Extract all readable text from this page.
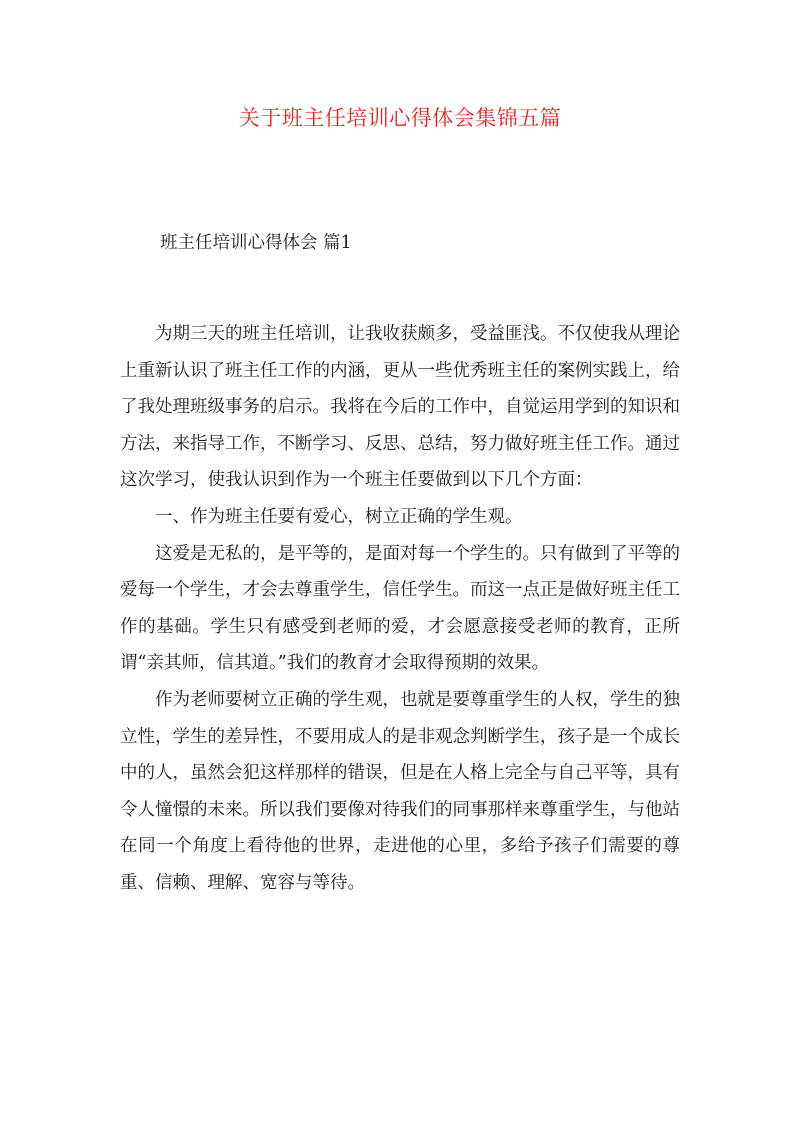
关于班主任培训心得体会集锦五篇
班主任培训心得体会 篇1

为期三天的班主任培训，让我收获颇多，受益匪浅。不仅使我从理论上重新认识了班主任工作的内涵，更从一些优秀班主任的案例实践上，给了我处理班级事务的启示。我将在今后的工作中，自觉运用学到的知识和方法，来指导工作，不断学习、反思、总结，努力做好班主任工作。通过这次学习，使我认识到作为一个班主任要做到以下几个方面：

一、作为班主任要有爱心，树立正确的学生观。

这爱是无私的，是平等的，是面对每一个学生的。只有做到了平等的爱每一个学生，才会去尊重学生，信任学生。而这一点正是做好班主任工作的基础。学生只有感受到老师的爱，才会愿意接受老师的教育，正所谓“亲其师，信其道。”我们的教育才会取得预期的效果。

作为老师要树立正确的学生观，也就是要尊重学生的人权，学生的独立性，学生的差异性，不要用成人的是非观念判断学生，孩子是一个成长中的人，虽然会犯这样那样的错误，但是在人格上完全与自己平等，具有令人憧憬的未来。所以我们要像对待我们的同事那样来尊重学生，与他站在同一个角度上看待他的世界，走进他的心里，多给予孩子们需要的尊重、信赖、理解、宽容与等待。
